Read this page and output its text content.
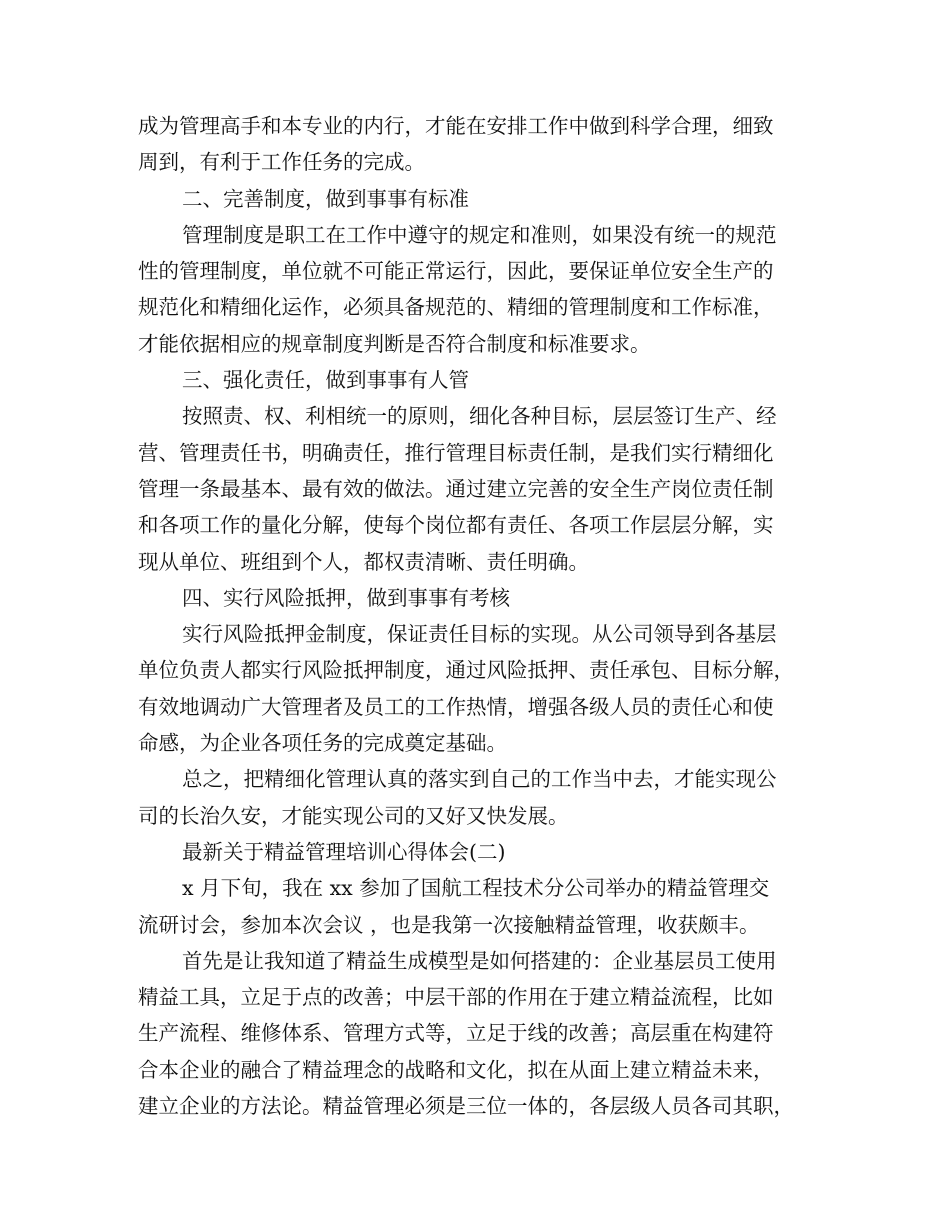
成为管理高手和本专业的内行，才能在安排工作中做到科学合理，细致
周到，有利于工作任务的完成。
二、完善制度，做到事事有标准
管理制度是职工在工作中遵守的规定和准则，如果没有统一的规范
性的管理制度，单位就不可能正常运行，因此，要保证单位安全生产的
规范化和精细化运作，必须具备规范的、精细的管理制度和工作标准，
才能依据相应的规章制度判断是否符合制度和标准要求。
三、强化责任，做到事事有人管
按照责、权、利相统一的原则，细化各种目标，层层签订生产、经
营、管理责任书，明确责任，推行管理目标责任制，是我们实行精细化
管理一条最基本、最有效的做法。通过建立完善的安全生产岗位责任制
和各项工作的量化分解，使每个岗位都有责任、各项工作层层分解，实
现从单位、班组到个人，都权责清晰、责任明确。
四、实行风险抵押，做到事事有考核
实行风险抵押金制度，保证责任目标的实现。从公司领导到各基层
单位负责人都实行风险抵押制度，通过风险抵押、责任承包、目标分解，
有效地调动广大管理者及员工的工作热情，增强各级人员的责任心和使
命感，为企业各项任务的完成奠定基础。
总之，把精细化管理认真的落实到自己的工作当中去，才能实现公
司的长治久安，才能实现公司的又好又快发展。
最新关于精益管理培训心得体会(二)
x 月下旬，我在 xx 参加了国航工程技术分公司举办的精益管理交
流研讨会，参加本次会议 ，也是我第一次接触精益管理，收获颇丰。
首先是让我知道了精益生成模型是如何搭建的：企业基层员工使用
精益工具，立足于点的改善；中层干部的作用在于建立精益流程，比如
生产流程、维修体系、管理方式等，立足于线的改善；高层重在构建符
合本企业的融合了精益理念的战略和文化，拟在从面上建立精益未来，
建立企业的方法论。精益管理必须是三位一体的，各层级人员各司其职，
